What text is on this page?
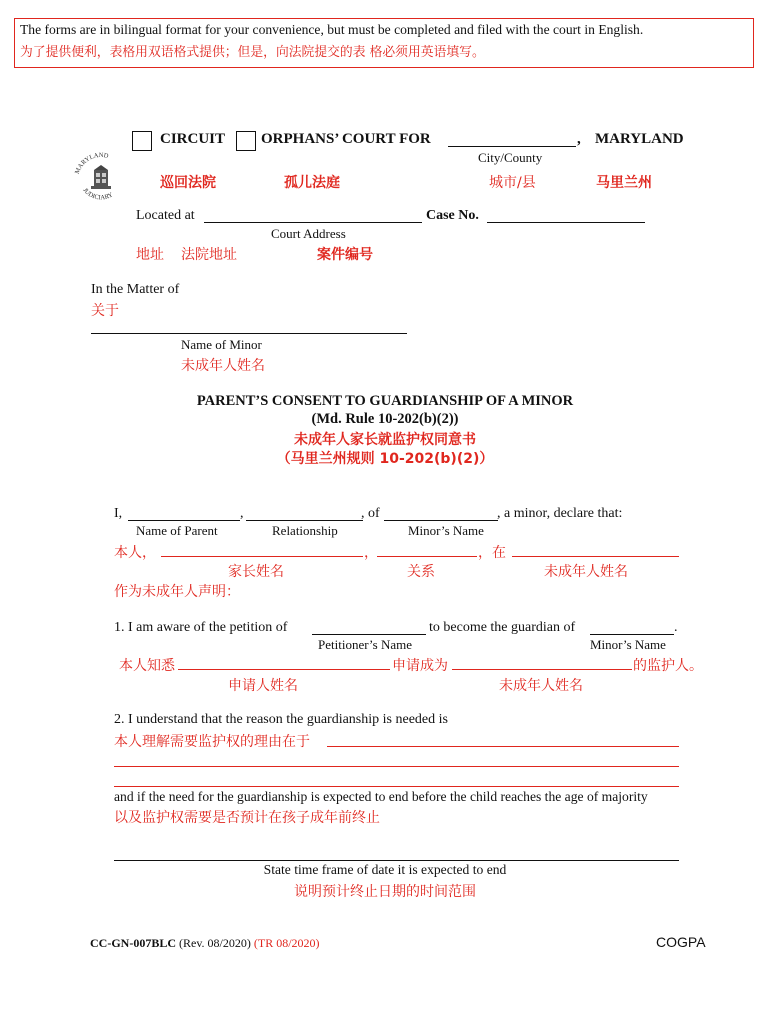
The forms are in bilingual format for your convenience, but must be completed and filed with the court in English.
为了提供便利，表格用双语格式提供；但是，向法院提交的表 格必须用英语填写。
MARYLAND
JUDICIARY
CIRCUIT ORPHANS’ COURT FOR	, MARYLAND
City/County
巡回法院	孤儿法庭	城市/县	马里兰州
Located at	Case No.
Court Address
地址 法院地址	案件编号
In the Matter of
关于
Name of Minor
未成年人姓名
PARENT’S CONSENT TO GUARDIANSHIP OF A MINOR
(Md. Rule 10-202(b)(2))
未成年人家长就监护权同意书
（马里兰州规则 10-202(b)(2)）
I,	,	, of	, a minor, declare that:
Name of Parent	Relationship	Minor’s Name
本人，	，	，在
家长姓名	关系	未成年人姓名
作为未成年人声明：
1. I am aware of the petition of	to become the guardian of	.
Petitioner’s Name	Minor’s Name
本人知悉	申请成为	的监护人。
申请人姓名	未成年人姓名
2. I understand that the reason the guardianship is needed is
本人理解需要监护权的理由在于
and if the need for the guardianship is expected to end before the child reaches the age of majority
以及监护权需要是否预计在孩子成年前终止
State time frame of date it is expected to end
说明预计终止日期的时间范围
CC-GN-007BLC (Rev. 08/2020) (TR 08/2020)	COGPA
